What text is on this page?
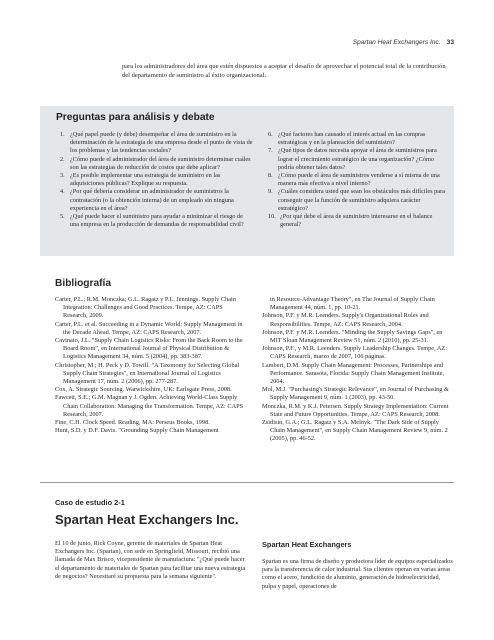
Spartan Heat Exchangers Inc. 33
para los administradores del área que estén dispuestos a aceptar el desafío de aprovechar el potencial total de la contribución del departamento de suministro al éxito organizacional.
Preguntas para análisis y debate
1. ¿Qué papel puede (y debe) desempeñar el área de suministro en la determinación de la estrategia de una empresa desde el punto de vista de los problemas y las tendencias sociales?
2. ¿Cómo puede el administrador del área de suministro determinar cuáles son las estrategias de reducción de costos que debe aplicar?
3. ¿Es posible implementar una estrategia de suministro en las adquisiciones públicas? Explique su respuesta.
4. ¿Por qué debería considerar un administrador de suministros la contratación (o la obtención interna) de un empleado sin ninguna experiencia en el área?
5. ¿Qué puede hacer el suministro para ayudar a minimizar el riesgo de una empresa en la producción de demandas de responsabilidad civil?
6. ¿Qué factores han causado el interés actual en las compras estratégicas y en la planeación del suministro?
7. ¿Qué tipos de datos necesita apoyar el área de suministros para lograr el crecimiento estratégico de una organización? ¿Cómo podría obtener tales datos?
8. ¿Cómo puede el área de suministros venderse a sí misma de una manera más efectiva a nivel interno?
9. ¿Cuáles considera usted que sean los obstáculos más difíciles para conseguir que la función de suministro adquiera carácter estratégico?
10. ¿Por qué debe el área de suministro interesarse en el balance general?
Bibliografía
Carter, P.L.; R.M. Monczka; G.L. Ragatz y P.L. Jennings. Supply Chain Integration: Challenges and Good Practices. Tempe, AZ: CAPS Research, 2009.
Carter, P.L. et al. Succeeding in a Dynamic World: Supply Management in the Decade Ahead. Tempe, AZ: CAPS Research, 2007.
Cavinato, J.L. "Supply Chain Logistics Risks: From the Back Room to the Board Room", en International Journal of Physical Distribution & Logistics Management 34, núm. 5 (2004), pp. 383-387.
Christopher, M.; H. Peck y D. Towill. "A Taxonomy for Selecting Global Supply Chain Strategies", en International Journal of Logistics Management 17, núm. 2 (2006), pp. 277-287.
Cox, A. Strategic Sourcing. Warwickshire, UK: Earlsgate Press, 2008.
Fawcett, S.E.; G.M. Magnan y J. Ogden. Achieving World-Class Supply Chain Collaboration: Managing the Transformation. Tempe, AZ: CAPS Research, 2007.
Fine, C.H. Clock Speed. Reading, MA: Perseus Books, 1998.
Hunt, S.D. y D.F. Davis. "Grounding Supply Chain Management
in Resource-Advantage Theory", en The Journal of Supply Chain Management 44, núm. 1, pp. 10-21.
Johnson, P.F. y M.R. Leenders. Supply's Organizational Roles and Responsibilities. Tempe, AZ: CAPS Research, 2004.
Johnson, P.F. y M.R. Leenders. "Minding the Supply Savings Gaps", en MIT Sloan Management Review 51, núm. 2 (2010), pp. 25-31.
Johnson, P.F., y M.R. Leenders. Supply Leadership Changes. Tempe, AZ: CAPS Research, marzo de 2007, 106 páginas.
Lambert, D.M. Supply Chain Management: Processes, Partnerships and Performance. Sarasota, Florida: Supply Chain Management Institute, 2004.
Mol, M.J. "Purchasing's Strategic Relevance", en Journal of Purchasing & Supply Management 9, núm. 1 (2003), pp. 43-50.
Monczka, R.M. y K.J. Petersen. Supply Strategy Implementation: Current State and Future Opportunities. Tempe, AZ: CAPS Research, 2008.
Zsidisin, G.A.; G.L. Ragatz y S.A. Melnyk. "The Dark Side of Supply Chain Management", en Supply Chain Management Review 9, núm. 2 (2005), pp. 46-52.
Caso de estudio 2-1
Spartan Heat Exchangers Inc.
El 10 de junio, Rick Coyne, gerente de materiales de Spartan Heat Exchangers Inc. (Spartan), con sede en Springfield, Missouri, recibió una llamada de Max Brisco, vicepresidente de manufactura: "¿Qué puede hacer el departamento de materiales de Spartan para facilitar una nueva estrategia de negocios? Necesitaré su propuesta para la semana siguiente".
Spartan Heat Exchangers
Spartan es una firma de diseño y productora líder de equipos especializados para la transferencia de calor industrial. Sus clientes operan en varias áreas como el acero, fundición de aluminio, generación de hidroelectricidad, pulpa y papel, operaciones de
